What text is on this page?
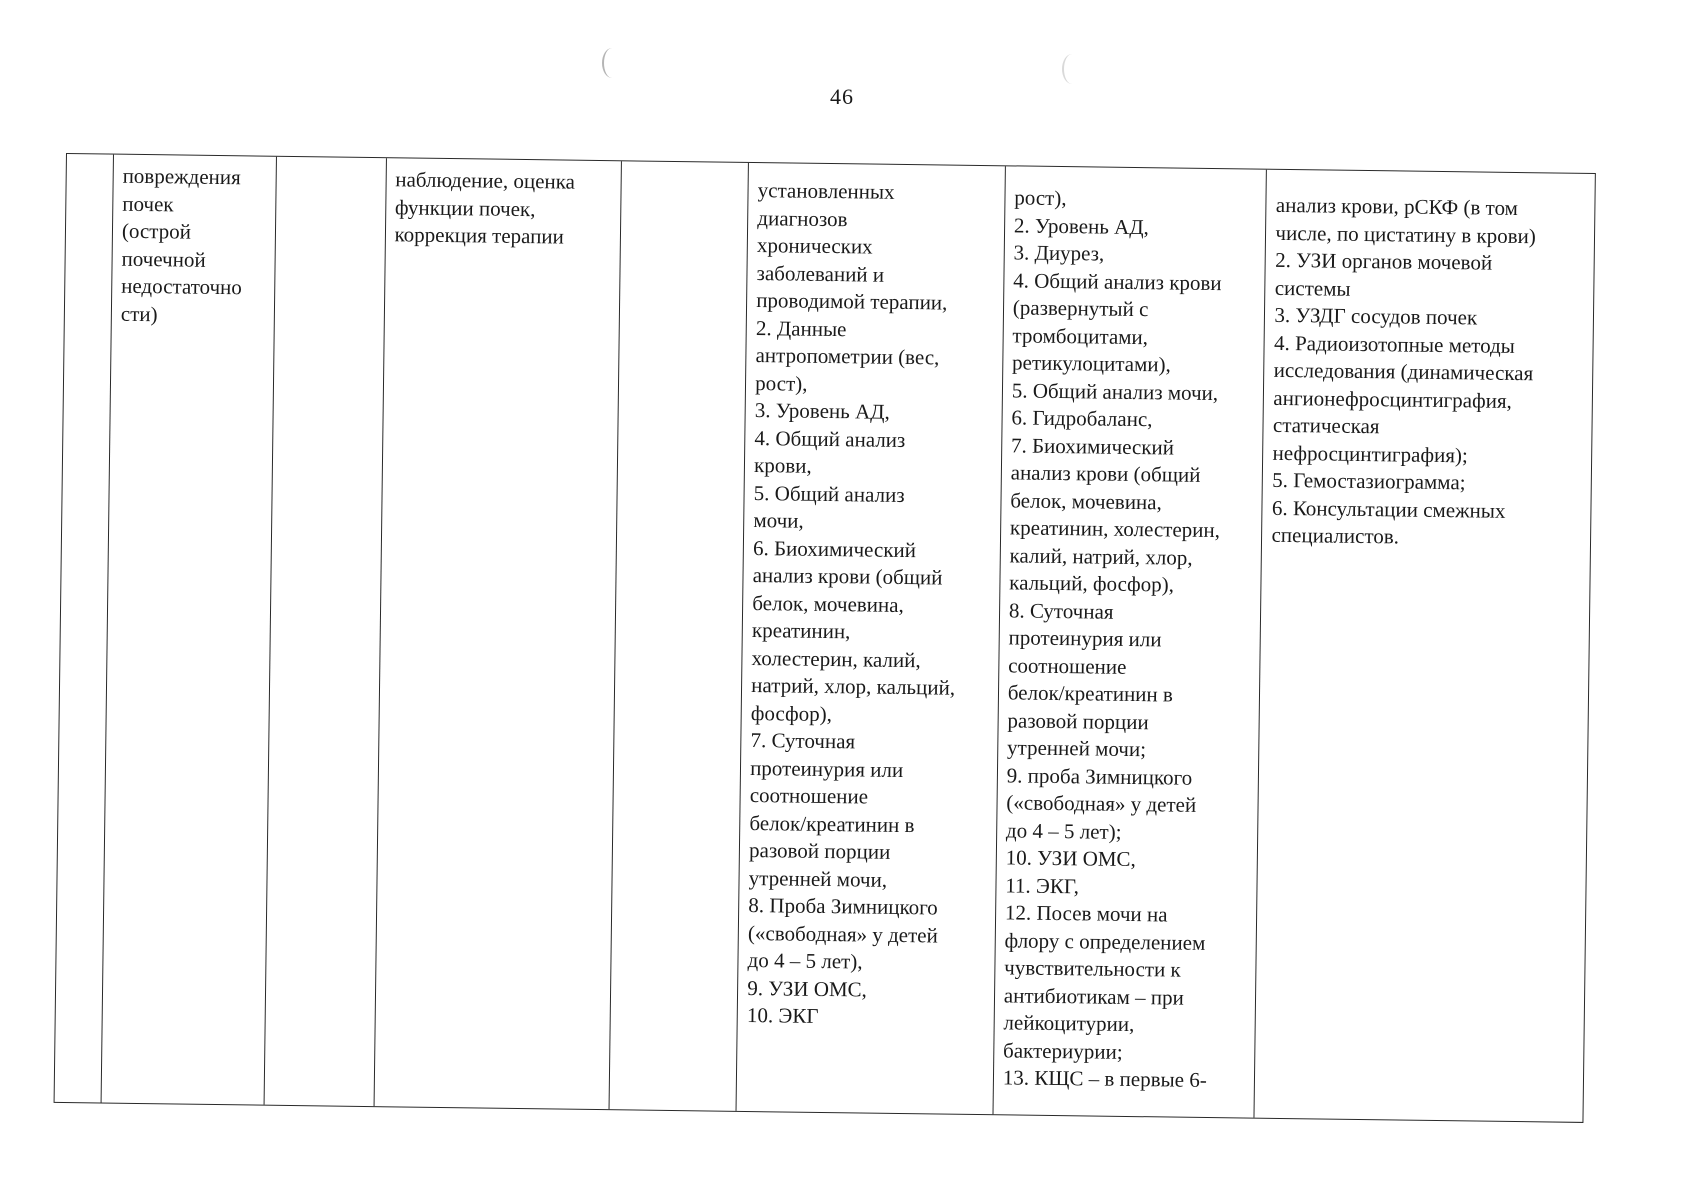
46
повреждения
почек
(острой
почечной
недостаточно
сти)
наблюдение, оценка
функции почек,
коррекция терапии
установленных
диагнозов
хронических
заболеваний и
проводимой терапии,
2. Данные
антропометрии (вес,
рост),
3. Уровень АД,
4. Общий анализ
крови,
5. Общий анализ
мочи,
6. Биохимический
анализ крови (общий
белок, мочевина,
креатинин,
холестерин, калий,
натрий, хлор, кальций,
фосфор),
7. Суточная
протеинурия или
соотношение
белок/креатинин в
разовой порции
утренней мочи,
8. Проба Зимницкого
(«свободная» у детей
до 4 – 5 лет),
9. УЗИ ОМС,
10. ЭКГ
рост),
2. Уровень АД,
3. Диурез,
4. Общий анализ крови
(развернутый с
тромбоцитами,
ретикулоцитами),
5. Общий анализ мочи,
6. Гидробаланс,
7. Биохимический
анализ крови (общий
белок, мочевина,
креатинин, холестерин,
калий, натрий, хлор,
кальций, фосфор),
8. Суточная
протеинурия или
соотношение
белок/креатинин в
разовой порции
утренней мочи;
9. проба Зимницкого
(«свободная» у детей
до 4 – 5 лет);
10. УЗИ ОМС,
11. ЭКГ,
12. Посев мочи на
флору с определением
чувствительности к
антибиотикам – при
лейкоцитурии,
бактериурии;
13. КЩС – в первые 6-
анализ крови, рСКФ (в том
числе, по цистатину в крови)
2. УЗИ органов мочевой
системы
3. УЗДГ сосудов почек
4. Радиоизотопные методы
исследования (динамическая
ангионефросцинтиграфия,
статическая
нефросцинтиграфия);
5. Гемостазиограмма;
6. Консультации смежных
специалистов.
